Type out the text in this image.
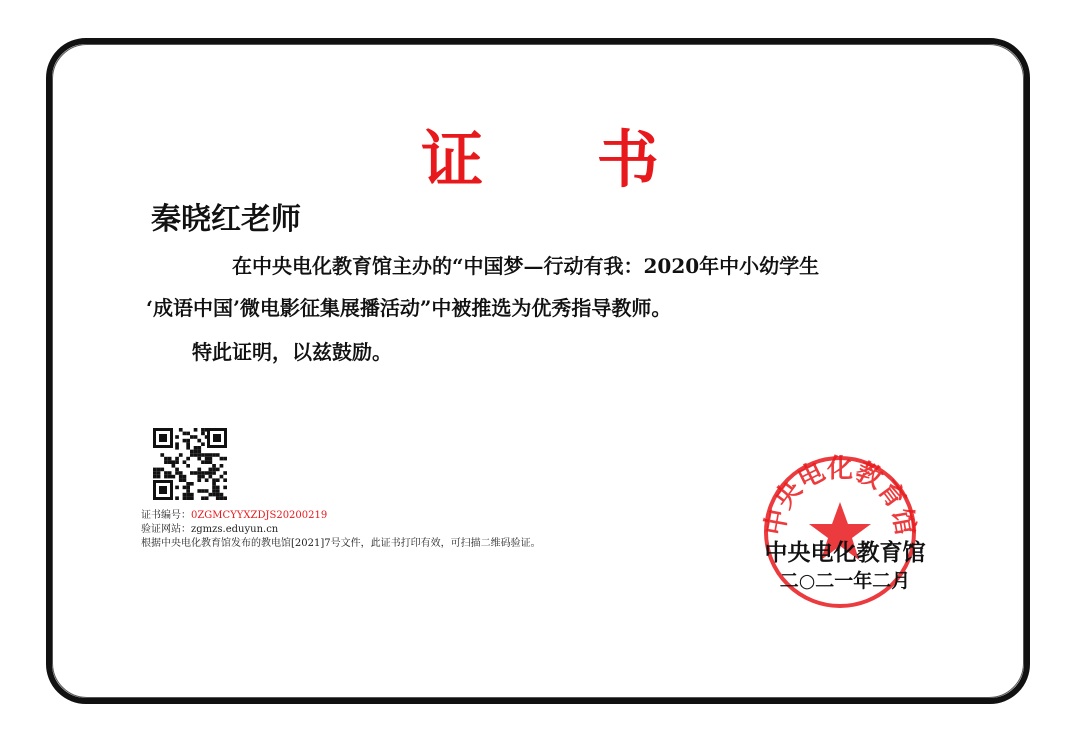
证 书
秦晓红老师
在中央电化教育馆主办的“中国梦—行动有我：2020年中小幼学生
‘成语中国’微电影征集展播活动”中被推选为优秀指导教师。
特此证明，以兹鼓励。
证书编号：0ZGMCYYXZDJS20200219
验证网站：zgmzs.eduyun.cn
根据中央电化教育馆发布的教电馆[2021]7号文件，此证书打印有效，可扫描二维码验证。
中央电化教育馆
中央电化教育馆
二○二一年二月
